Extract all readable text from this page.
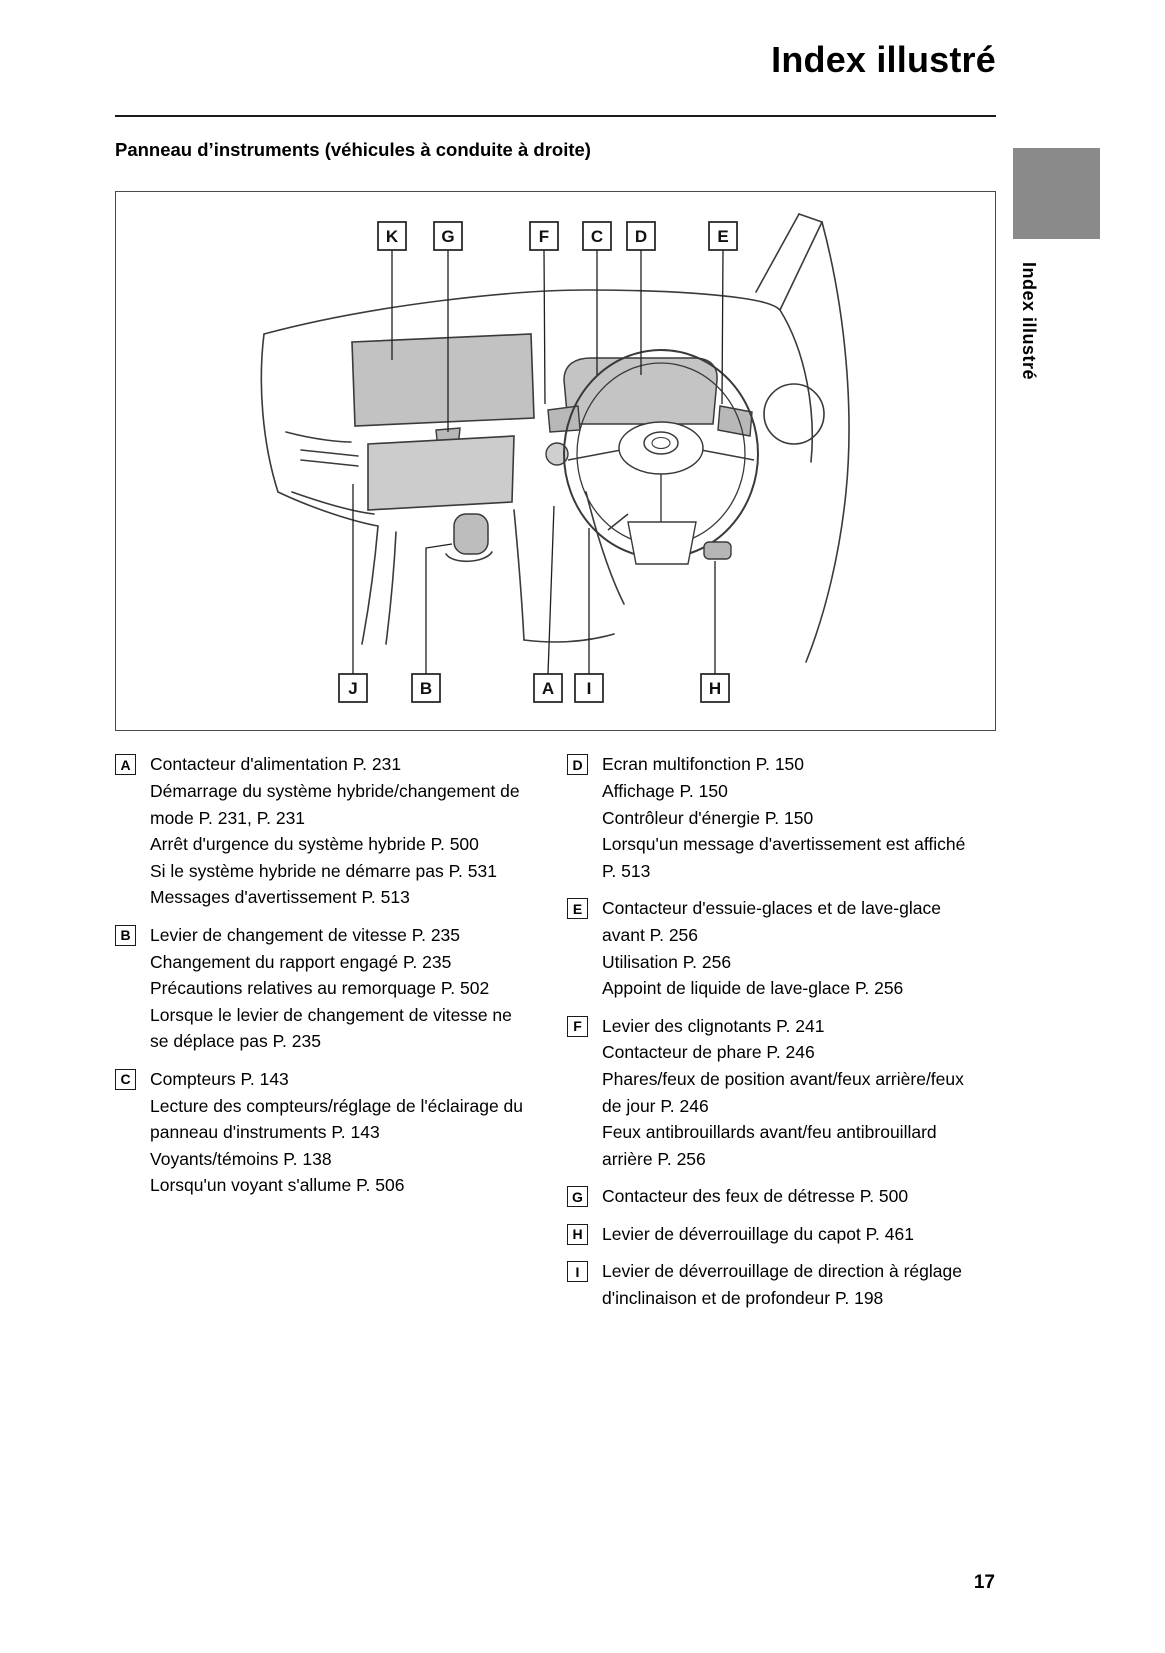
Index illustré
Panneau d’instruments (véhicules à conduite à droite)
K	G	F C D	E
J	B	A I	H
A	Contacteur d'alimentation P. 231
Démarrage du système hybride/changement de mode P. 231, P. 231
Arrêt d'urgence du système hybride P. 500
Si le système hybride ne démarre pas P. 531
Messages d'avertissement P. 513
B	Levier de changement de vitesse P. 235
Changement du rapport engagé P. 235
Précautions relatives au remorquage P. 502
Lorsque le levier de changement de vitesse ne se déplace pas P. 235
C	Compteurs P. 143
Lecture des compteurs/réglage de l'éclairage du panneau d'instruments P. 143
Voyants/témoins P. 138
Lorsqu'un voyant s'allume P. 506
D	Ecran multifonction P. 150
Affichage P. 150
Contrôleur d'énergie P. 150
Lorsqu'un message d'avertissement est affiché P. 513
E	Contacteur d'essuie-glaces et de lave-glace avant P. 256
Utilisation P. 256
Appoint de liquide de lave-glace P. 256
F	Levier des clignotants P. 241
Contacteur de phare P. 246
Phares/feux de position avant/feux arrière/feux de jour P. 246
Feux antibrouillards avant/feu antibrouillard arrière P. 256
G Contacteur des feux de détresse P. 500
H	Levier de déverrouillage du capot P. 461
I	Levier de déverrouillage de direction à réglage d'inclinaison et de profondeur P. 198
Index illustré
17
